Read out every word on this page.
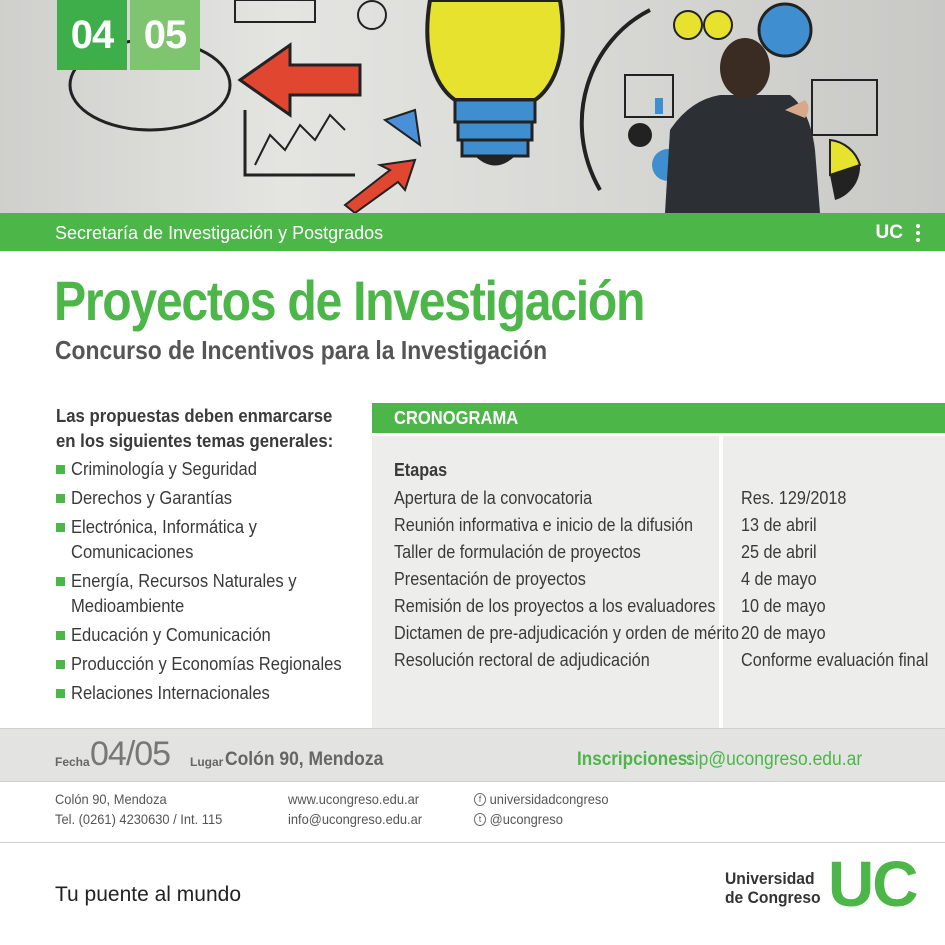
04 05
Secretaría de Investigación y Postgrados	UC
Proyectos de Investigación
Concurso de Incentivos para la Investigación
Las propuestas deben enmarcarse
en los siguientes temas generales:
Criminología y Seguridad
Derechos y Garantías
Electrónica, Informática y
Comunicaciones
Energía, Recursos Naturales y
Medioambiente
Educación y Comunicación
Producción y Economías Regionales
Relaciones Internacionales
CRONOGRAMA
Etapas
Apertura de la convocatoria	Res. 129/2018
Reunión informativa e inicio de la difusión	13 de abril
Taller de formulación de proyectos	25 de abril
Presentación de proyectos	4 de mayo
Remisión de los proyectos a los evaluadores 10 de mayo
Dictamen de pre-adjudicación y orden de mérito 20 de mayo
Resolución rectoral de adjudicación	Conforme evaluación final
Fecha 04/05 Lugar Colón 90, Mendoza	Inscripciones:
sip@ucongreso.edu.ar
Colón 90, Mendoza
Tel. (0261) 4230630 / Int. 115
www.ucongreso.edu.ar
info@ucongreso.edu.ar
f universidadcongreso
t @ucongreso
Tu puente al mundo
Universidad
de Congreso UC
